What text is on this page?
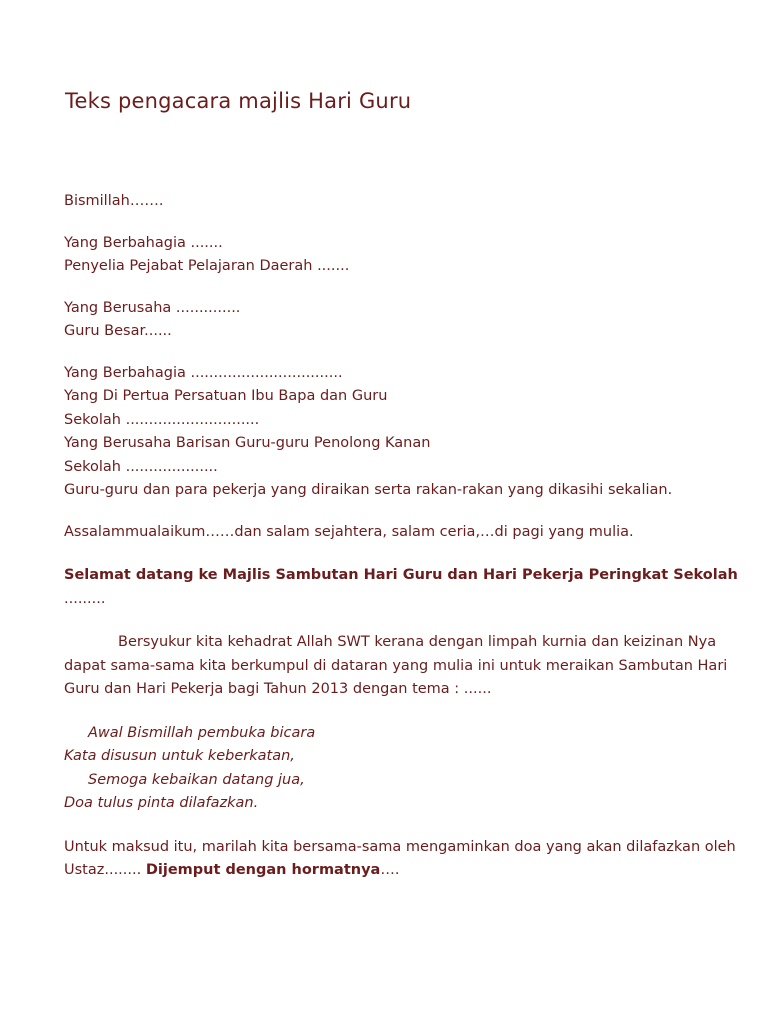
Teks pengacara majlis Hari Guru

Bismillah…….

Yang Berbahagia .......

Penyelia Pejabat Pelajaran Daerah .......

Yang Berusaha ..............

Guru Besar......

Yang Berbahagia .................................

Yang Di Pertua Persatuan Ibu Bapa dan Guru

Sekolah .............................

Yang Berusaha Barisan Guru-guru Penolong Kanan

Sekolah ....................

Guru-guru dan para pekerja yang diraikan serta rakan-rakan yang dikasihi sekalian.

Assalammualaikum……dan salam sejahtera, salam ceria,…di pagi yang mulia.

Selamat datang ke Majlis Sambutan Hari Guru dan Hari Pekerja Peringkat Sekolah .........

Bersyukur kita kehadrat Allah SWT kerana dengan limpah kurnia dan keizinan Nya dapat sama-sama kita berkumpul di dataran yang mulia ini untuk meraikan Sambutan Hari Guru dan Hari Pekerja bagi Tahun 2013 dengan tema : ......

Awal Bismillah pembuka bicara

Kata disusun untuk keberkatan,

Semoga kebaikan datang jua,

Doa tulus pinta dilafazkan.

Untuk maksud itu, marilah kita bersama-sama mengaminkan doa yang akan dilafazkan oleh Ustaz........ Dijemput dengan hormatnya….
